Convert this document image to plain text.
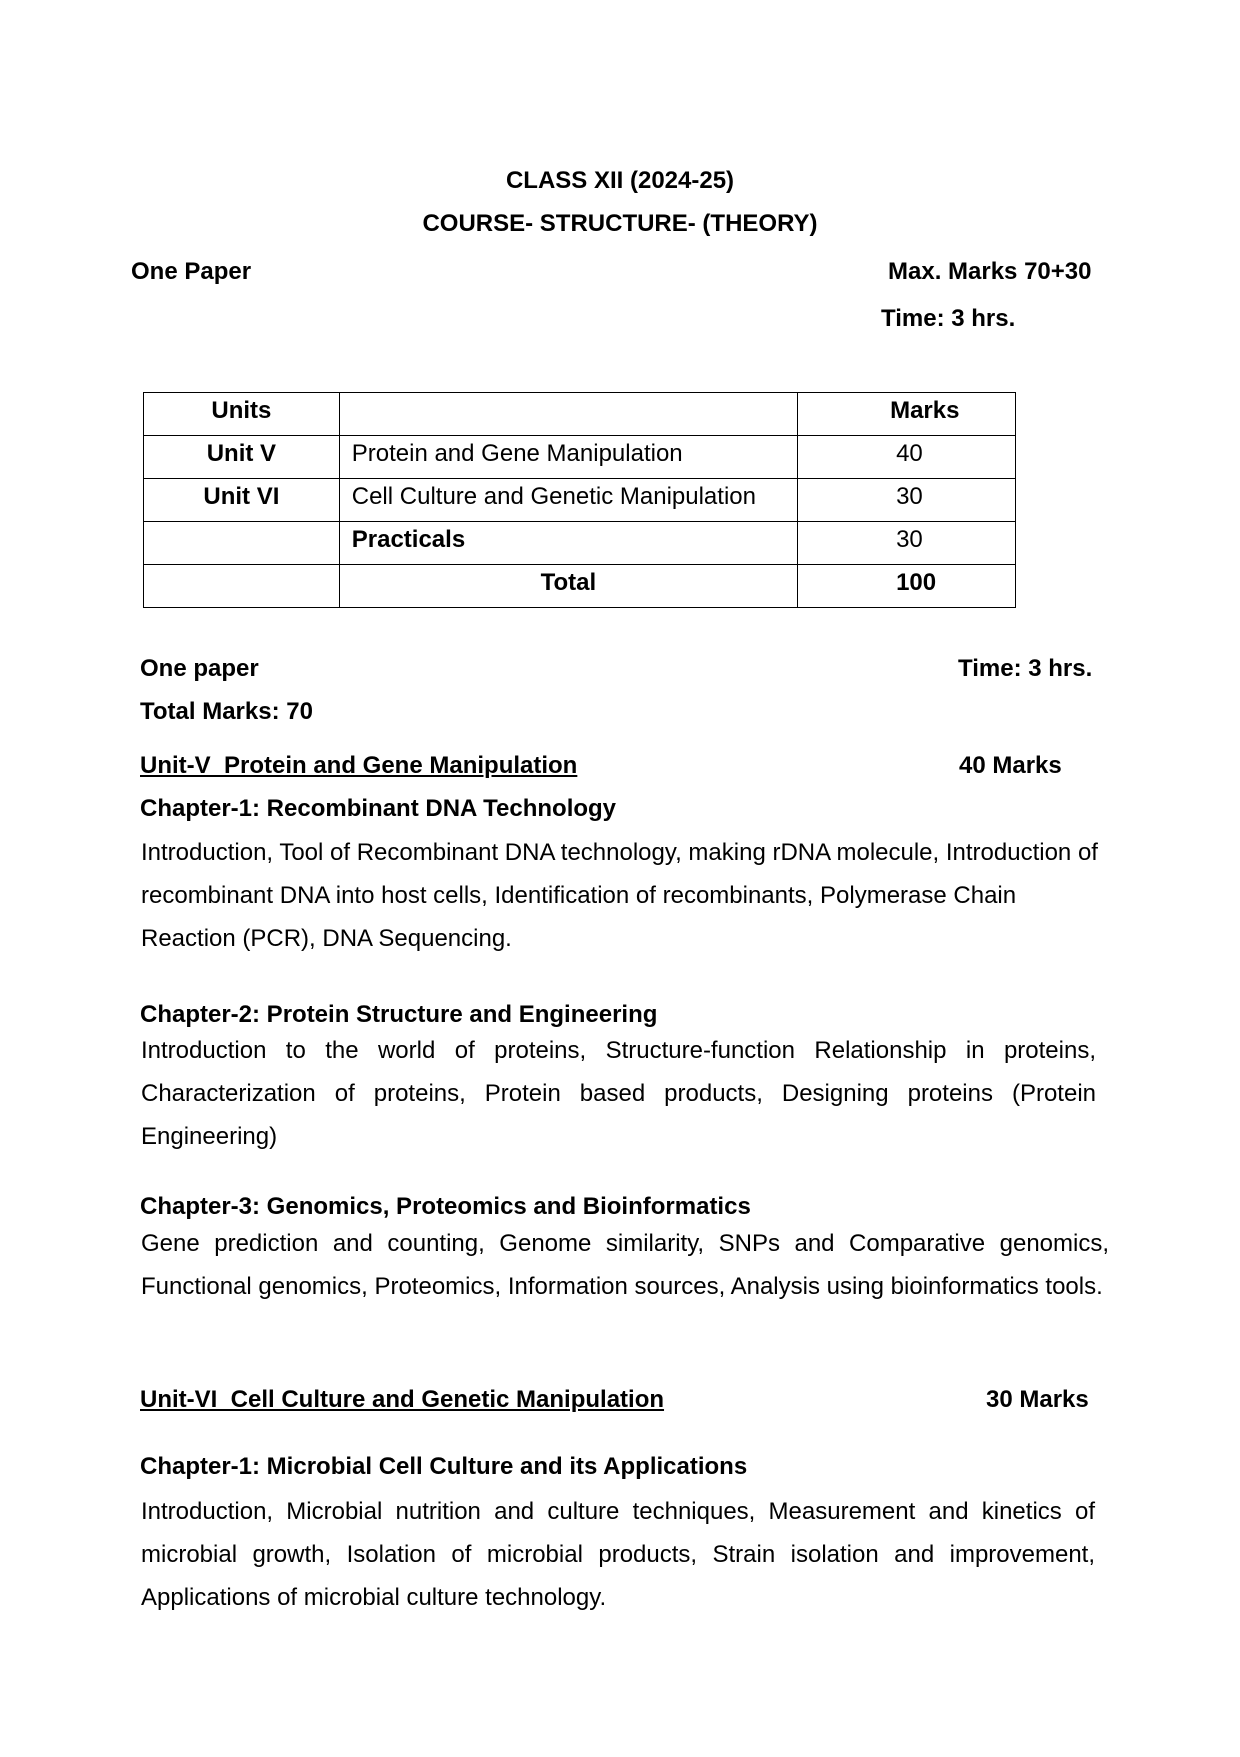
CLASS XII (2024-25)

COURSE- STRUCTURE- (THEORY)

One Paper	Max. Marks 70+30

Time: 3 hrs.

Units		Marks
Unit V	Protein and Gene Manipulation	40
Unit VI	Cell Culture and Genetic Manipulation	30
	Practicals	30
	Total	100

One paper	Time: 3 hrs.

Total Marks: 70

Unit-V  Protein and Gene Manipulation	40 Marks

Chapter-1: Recombinant DNA Technology

Introduction, Tool of Recombinant DNA technology, making rDNA molecule, Introduction of recombinant DNA into host cells, Identification of recombinants, Polymerase Chain Reaction (PCR), DNA Sequencing.

Chapter-2: Protein Structure and Engineering

Introduction to the world of proteins, Structure-function Relationship in proteins, Characterization of proteins, Protein based products, Designing proteins (Protein Engineering)

Chapter-3: Genomics, Proteomics and Bioinformatics

Gene prediction and counting, Genome similarity, SNPs and Comparative genomics, Functional genomics, Proteomics, Information sources, Analysis using bioinformatics tools.

Unit-VI  Cell Culture and Genetic Manipulation	30 Marks

Chapter-1: Microbial Cell Culture and its Applications

Introduction, Microbial nutrition and culture techniques, Measurement and kinetics of microbial growth, Isolation of microbial products, Strain isolation and improvement, Applications of microbial culture technology.
